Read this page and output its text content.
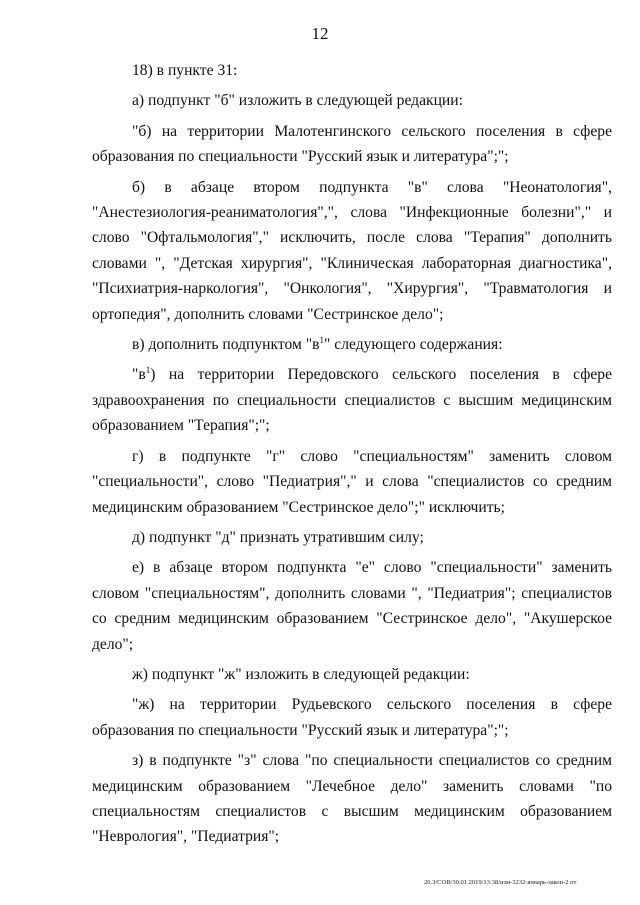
12

18) в пункте 31:

а) подпункт "б" изложить в следующей редакции:

"б) на территории Малотенгинского сельского поселения в сфере образования по специальности "Русский язык и литература";";

б) в абзаце втором подпункта "в" слова "Неонатология", "Анестезиология-реаниматология",", слова "Инфекционные болезни"," и слово "Офтальмология"," исключить, после слова "Терапия" дополнить словами ", "Детская хирургия", "Клиническая лабораторная диагностика", "Психиатрия-наркология", "Онкология", "Хирургия", "Травматология и ортопедия", дополнить словами "Сестринское дело";

в) дополнить подпунктом "$в^1$" следующего содержания:

"$в^1$) на территории Передовского сельского поселения в сфере здравоохранения по специальности специалистов с высшим медицинским образованием "Терапия";";

г) в подпункте "г" слово "специальностям" заменить словом "специальности", слово "Педиатрия"," и слова "специалистов со средним медицинским образованием "Сестринское дело";" исключить;

д) подпункт "д" признать утратившим силу;

е) в абзаце втором подпункта "е" слово "специальности" заменить словом "специальностям", дополнить словами ", "Педиатрия"; специалистов со средним медицинским образованием "Сестринское дело", "Акушерское дело";

ж) подпункт "ж" изложить в следующей редакции:

"ж) на территории Рудьевского сельского поселения в сфере образования по специальности "Русский язык и литература";";

з) в подпункте "з" слова "по специальности специалистов со средним медицинским образованием "Лечебное дело" заменить словами "по специальностям специалистов с высшим медицинским образованием "Неврология", "Педиатрия";

20.3/СОВ/30.01.2019/13:38/изм-3232-январь-закон-2 пт
